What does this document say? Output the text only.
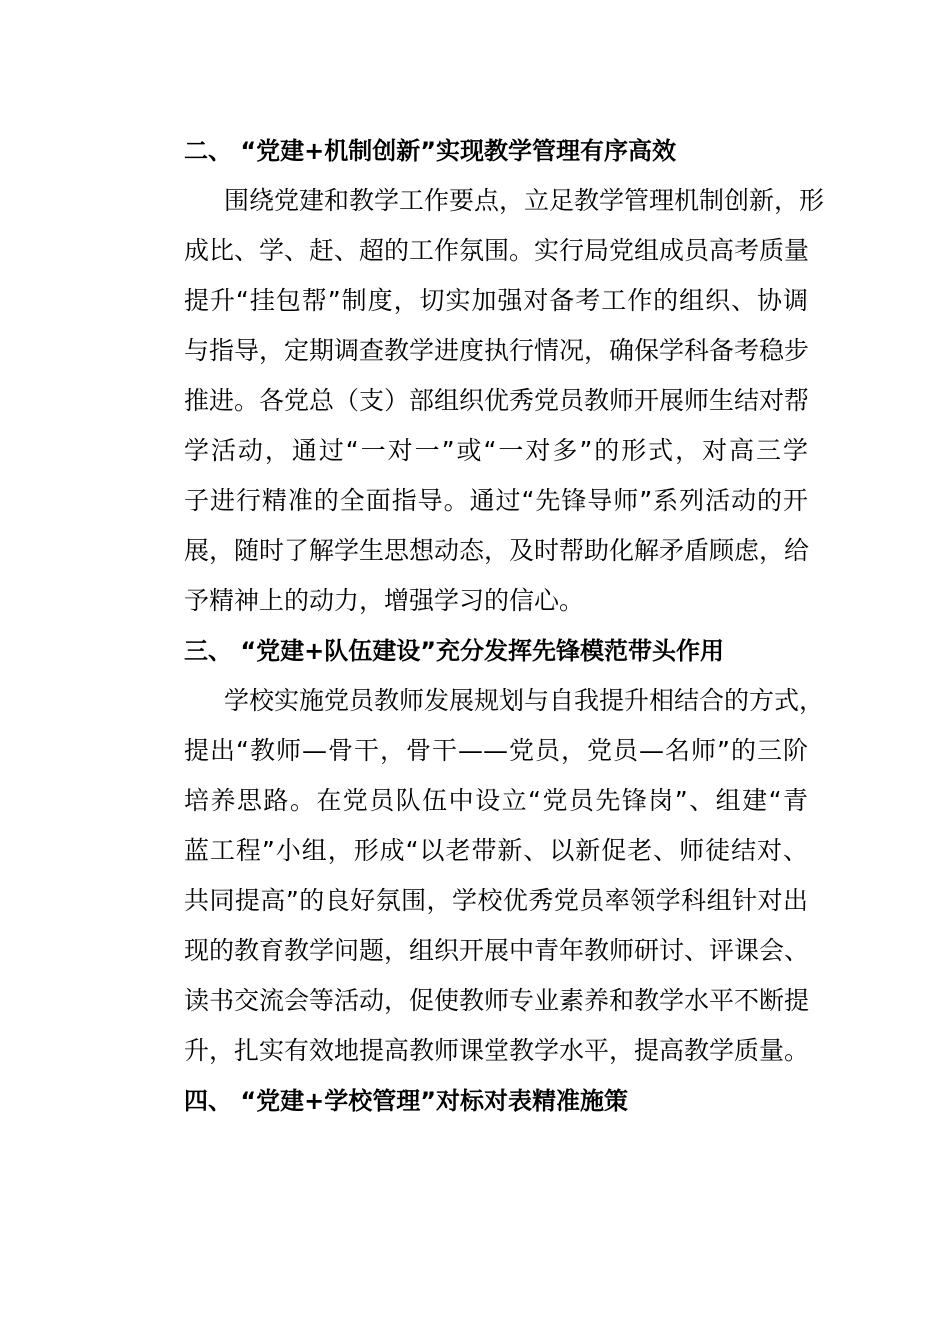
二、 “党建+机制创新”实现教学管理有序高效
围绕党建和教学工作要点，立足教学管理机制创新，形
成比、学、赶、超的工作氛围。实行局党组成员高考质量
提升“挂包帮”制度，切实加强对备考工作的组织、协调
与指导，定期调查教学进度执行情况，确保学科备考稳步
推进。各党总（支）部组织优秀党员教师开展师生结对帮
学活动，通过“一对一”或“一对多”的形式，对高三学
子进行精准的全面指导。通过“先锋导师”系列活动的开
展，随时了解学生思想动态，及时帮助化解矛盾顾虑，给
予精神上的动力，增强学习的信心。
三、 “党建+队伍建设”充分发挥先锋模范带头作用
学校实施党员教师发展规划与自我提升相结合的方式，
提出“教师—骨干，骨干——党员，党员—名师”的三阶
培养思路。在党员队伍中设立“党员先锋岗”、组建“青
蓝工程”小组，形成“以老带新、以新促老、师徒结对、
共同提高”的良好氛围，学校优秀党员率领学科组针对出
现的教育教学问题，组织开展中青年教师研讨、评课会、
读书交流会等活动，促使教师专业素养和教学水平不断提
升，扎实有效地提高教师课堂教学水平，提高教学质量。
四、 “党建+学校管理”对标对表精准施策
